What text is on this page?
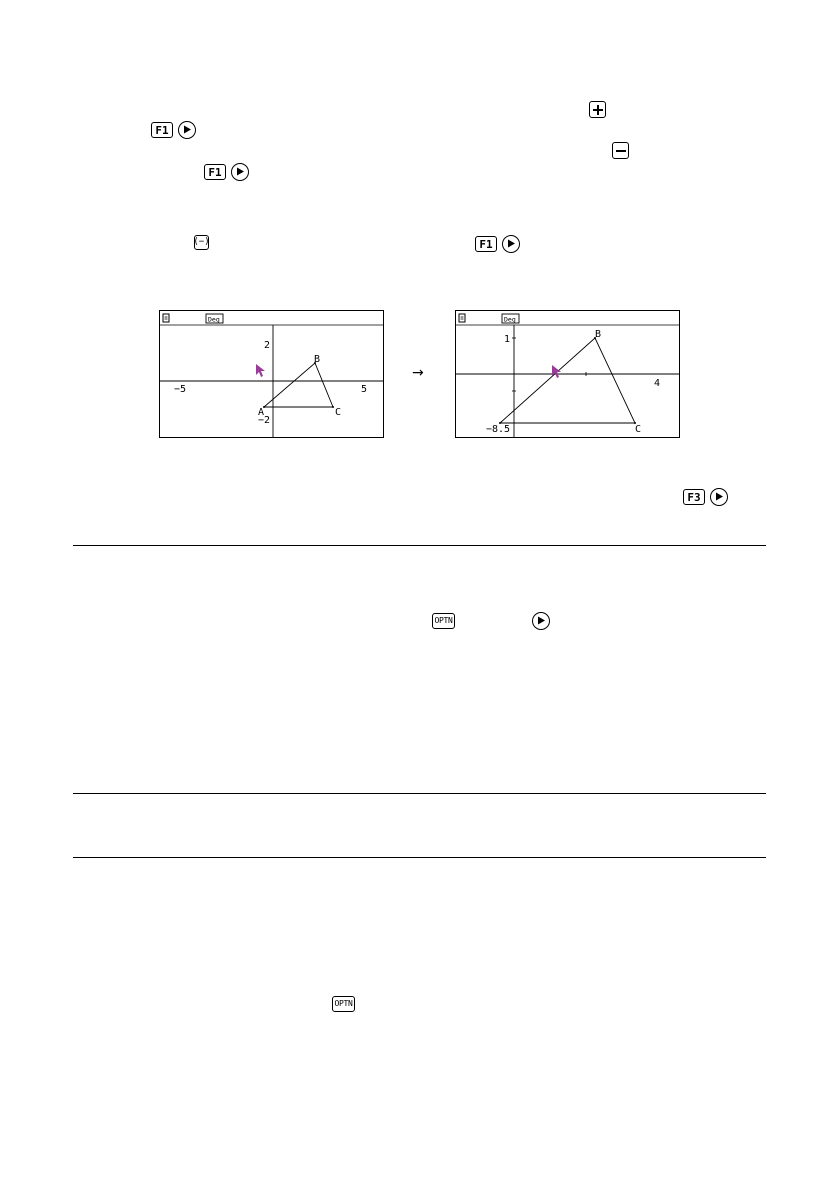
F1
F1
(−)	F1
Deg
2
−5	5
−2
A
B
C
→
Deg
1
4
−8.5
B
C
F3
OPTN
OPTN
